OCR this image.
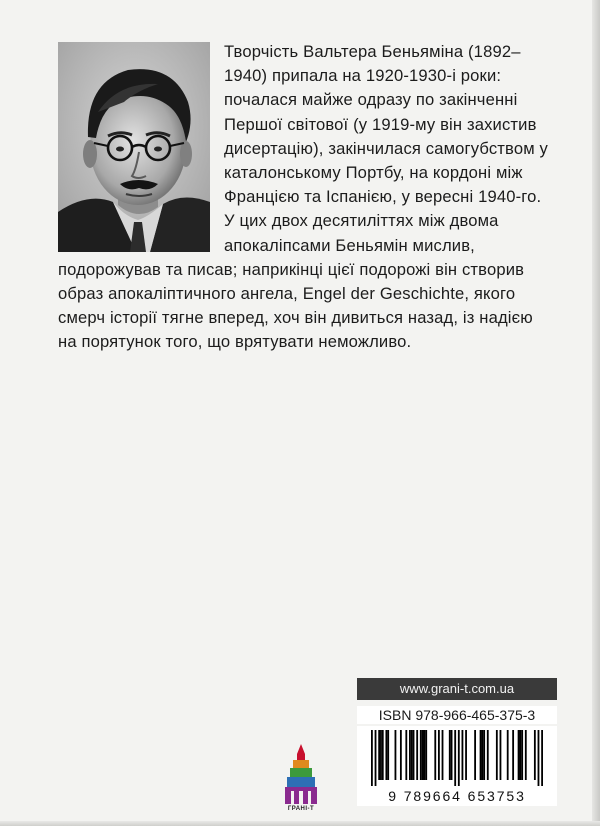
Творчість Вальтера Беньяміна (1892–1940) припала на 1920-1930-і роки: почалася майже одразу по закінченні Першої світової (у 1919-му він захистив дисертацію), закінчилася самогубством у каталонському Портбу, на кордоні між Францією та Іспанією, у вересні 1940-го. У цих двох десятиліттях між двома апокаліпсами Беньямін мислив, подорожував та писав; наприкінці цієї подорожі він створив образ апокаліптичного ангела, Engel der Geschichte, якого смерч історії тягне вперед, хоч він дивиться назад, із надією на порятунок того, що врятувати неможливо.

www.grani-t.com.ua
ISBN 978-966-465-375-3
9 789664 653753
ГРАНІ-Т
